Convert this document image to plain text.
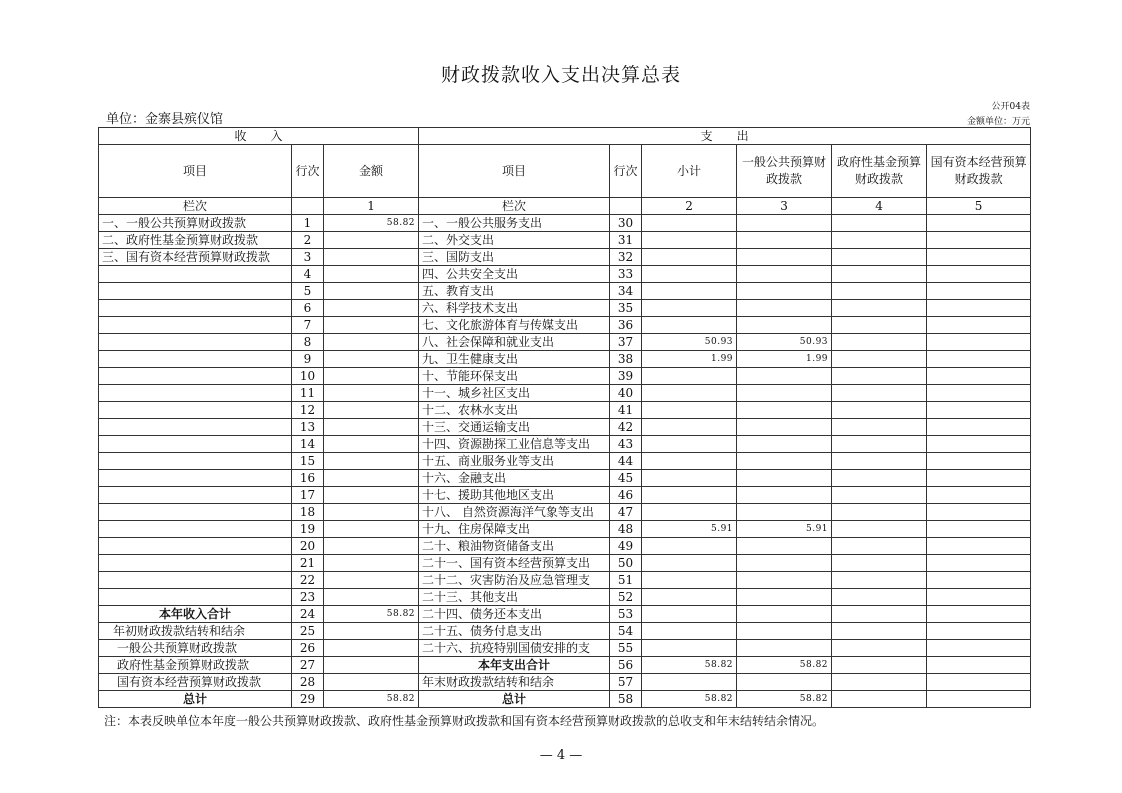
财政拨款收入支出决算总表
单位：金寨县殡仪馆
公开04表
金额单位：万元
收　　入			支　　出					
项目	行次	金额	项目	行次	小计	一般公共预算财政拨款	政府性基金预算财政拨款	国有资本经营预算财政拨款
栏次		1	栏次		2	3	4	5
一、一般公共预算财政拨款	1	58.82	一、一般公共服务支出	30				
二、政府性基金预算财政拨款	2		二、外交支出	31				
三、国有资本经营预算财政拨款	3		三、国防支出	32				
	4		四、公共安全支出	33				
	5		五、教育支出	34				
	6		六、科学技术支出	35				
	7		七、文化旅游体育与传媒支出	36				
	8		八、社会保障和就业支出	37	50.93	50.93		
	9		九、卫生健康支出	38	1.99	1.99		
	10		十、节能环保支出	39				
	11		十一、城乡社区支出	40				
	12		十二、农林水支出	41				
	13		十三、交通运输支出	42				
	14		十四、资源勘探工业信息等支出	43				
	15		十五、商业服务业等支出	44				
	16		十六、金融支出	45				
	17		十七、援助其他地区支出	46				
	18		十八、 自然资源海洋气象等支出	47				
	19		十九、住房保障支出	48	5.91	5.91		
	20		二十、粮油物资储备支出	49				
	21		二十一、国有资本经营预算支出	50				
	22		二十二、灾害防治及应急管理支	51				
	23		二十三、其他支出	52				
本年收入合计	24	58.82	二十四、债务还本支出	53				
年初财政拨款结转和结余	25		二十五、债务付息支出	54				
一般公共预算财政拨款	26		二十六、抗疫特别国债安排的支	55				
政府性基金预算财政拨款	27		本年支出合计	56	58.82	58.82		
国有资本经营预算财政拨款	28		年末财政拨款结转和结余	57				
总计	29	58.82	总计	58	58.82	58.82		
注：本表反映单位本年度一般公共预算财政拨款、政府性基金预算财政拨款和国有资本经营预算财政拨款的总收支和年末结转结余情况。
— 4 —
